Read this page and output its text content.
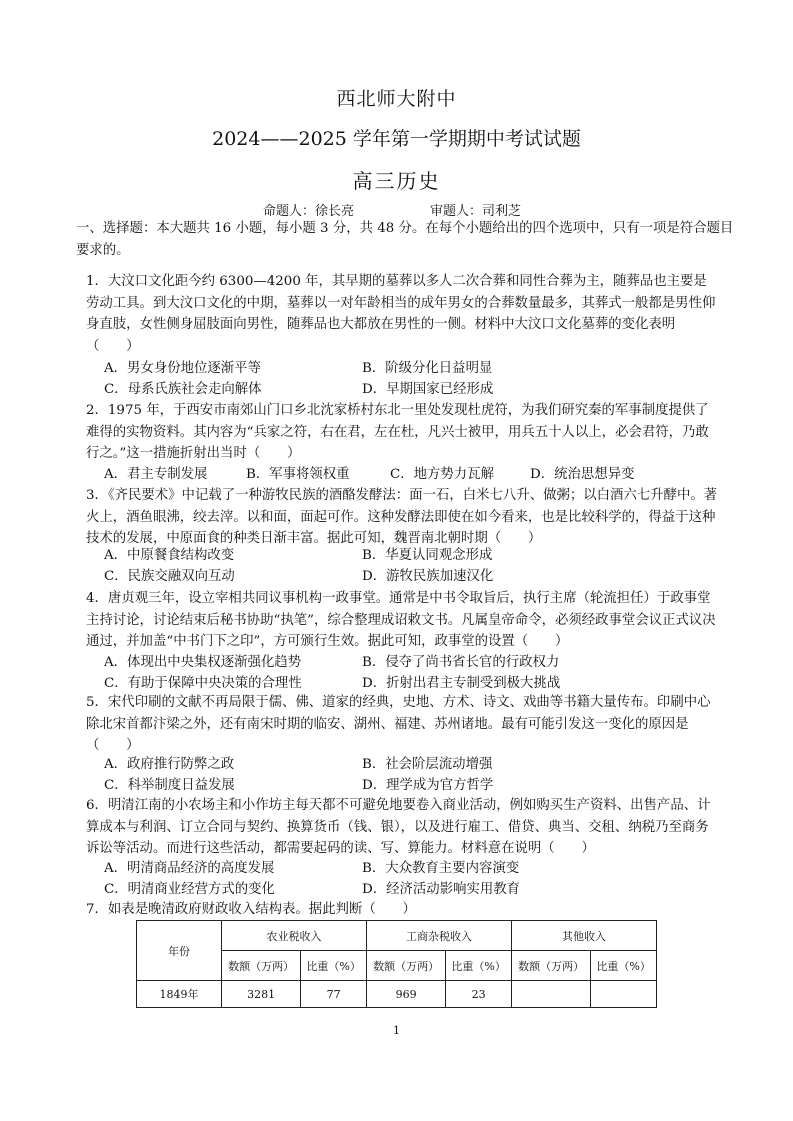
西北师大附中
2024——2025 学年第一学期期中考试试题
高三历史
命题人：徐长亮	审题人：司利芝
一、选择题：本大题共 16 小题，每小题 3 分，共 48 分。在每个小题给出的四个选项中，只有一项是符合题目要求的。
1．大汶口文化距今约 6300—4200 年，其早期的墓葬以多人二次合葬和同性合葬为主，随葬品也主要是劳动工具。到大汶口文化的中期，墓葬以一对年龄相当的成年男女的合葬数量最多，其葬式一般都是男性仰身直肢，女性侧身屈肢面向男性，随葬品也大都放在男性的一侧。材料中大汶口文化墓葬的变化表明（　　）
A．男女身份地位逐渐平等	B．阶级分化日益明显
C．母系氏族社会走向解体	D．早期国家已经形成
2．1975 年，于西安市南郊山门口乡北沈家桥村东北一里处发现杜虎符，为我们研究秦的军事制度提供了难得的实物资料。其内容为“兵家之符，右在君，左在杜，凡兴士被甲，用兵五十人以上，必会君符，乃敢行之。”这一措施折射出当时（　　）
A．君主专制发展	B．军事将领权重	C．地方势力瓦解	D．统治思想异变
3．《齐民要术》中记载了一种游牧民族的酒酪发酵法：面一石，白米七八升、做粥；以白酒六七升酵中。著火上，酒鱼眼沸，绞去滓。以和面，面起可作。这种发酵法即使在如今看来，也是比较科学的，得益于这种技术的发展，中原面食的种类日渐丰富。据此可知，魏晋南北朝时期（　　）
A．中原餐食结构改变	B．华夏认同观念形成
C．民族交融双向互动	D．游牧民族加速汉化
4．唐贞观三年，设立宰相共同议事机构一政事堂。通常是中书令取旨后，执行主席（轮流担任）于政事堂主持讨论，讨论结束后秘书协助“执笔”，综合整理成诏敕文书。凡属皇帝命令，必须经政事堂会议正式议决通过，并加盖“中书门下之印”，方可颁行生效。据此可知，政事堂的设置（　　）
A．体现出中央集权逐渐强化趋势	B．侵夺了尚书省长官的行政权力
C．有助于保障中央决策的合理性	D．折射出君主专制受到极大挑战
5．宋代印刷的文献不再局限于儒、佛、道家的经典，史地、方术、诗文、戏曲等书籍大量传布。印刷中心除北宋首都汴梁之外，还有南宋时期的临安、湖州、福建、苏州诸地。最有可能引发这一变化的原因是（　　）
A．政府推行防弊之政	B．社会阶层流动增强
C．科举制度日益发展	D．理学成为官方哲学
6．明清江南的小农场主和小作坊主每天都不可避免地要卷入商业活动，例如购买生产资料、出售产品、计算成本与利润、订立合同与契约、换算货币（钱、银），以及进行雇工、借贷、典当、交租、纳税乃至商务诉讼等活动。而进行这些活动，都需要起码的读、写、算能力。材料意在说明（　　）
A．明清商品经济的高度发展	B．大众教育主要内容演变
C．明清商业经营方式的变化	D．经济活动影响实用教育
7．如表是晚清政府财政收入结构表。据此判断（　　）
年份	农业税收入		工商杂税收入		其他收入	
	数额（万两）	比重（%）	数额（万两）	比重（%）	数额（万两）	比重（%）
1849年	3281	77	969	23		
1
